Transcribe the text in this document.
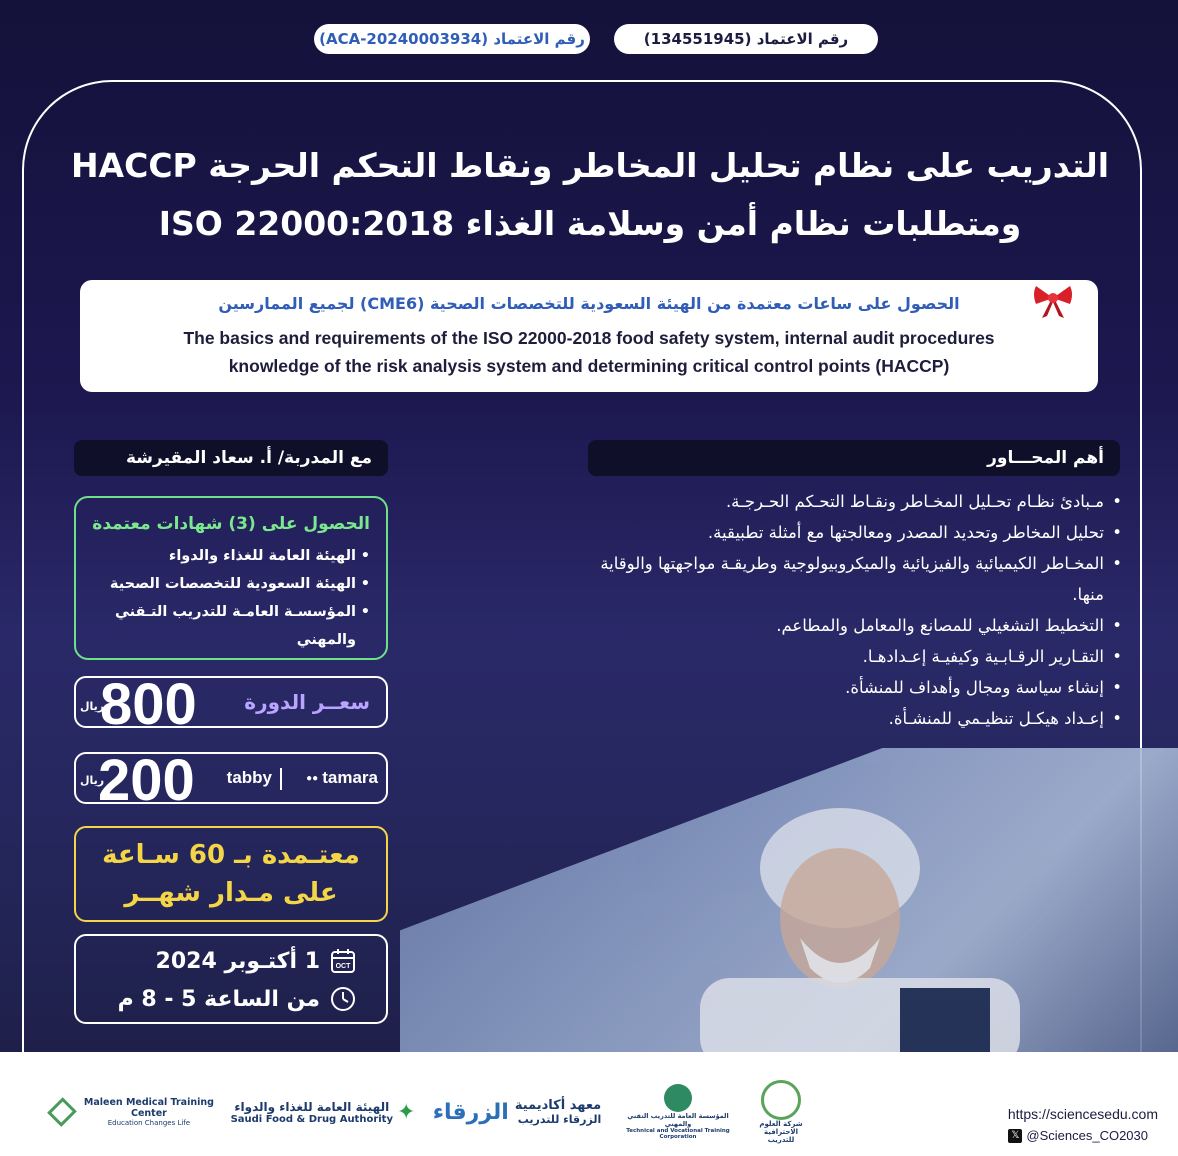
رقم الاعتماد (ACA-20240003934)	رقم الاعتماد (134551945)
التدريب على نظام تحليل المخاطر ونقاط التحكم الحرجة HACCP
ومتطلبات نظام أمن وسلامة الغذاء ISO 22000:2018
الحصول على ساعات معتمدة من الهيئة السعودية للتخصصات الصحية (CME6) لجميع الممارسين
The basics and requirements of the ISO 22000-2018 food safety system, internal audit procedures
knowledge of the risk analysis system and determining critical control points (HACCP)
أهم المحـــاور
• مـبادئ نظـام تحـليل المخـاطر ونقـاط التحـكم الحـرجـة.
• تحليل المخاطر وتحديد المصدر ومعالجتها مع أمثلة تطبيقية.
• المخـاطر الكيميائية والفيزيائية والميكروبيولوجية وطريقـة مواجهتها والوقاية منها.
• التخطيط التشغيلي للمصانع والمعامل والمطاعم.
• التقـارير الرقـابـية وكيفيـة إعـدادهـا.
• إنشاء سياسة ومجال وأهداف للمنشأة.
• إعـداد هيكـل تنظيـمي للمنشـأة.
مع المدربة/ أ. سعاد المقيرشة
الحصول على (3) شهادات معتمدة
• الهيئة العامة للغذاء والدواء
• الهيئة السعودية للتخصصات الصحية
• المؤسسـة العامـة للتدريب التـقني والمهني
سعــر الدورة
800
ريال
●● tamara
tabby
200
ريال
معتـمدة بـ 60 سـاعة
على مـدار شهــر
OCT
1 أكتـوبر 2024
من الساعة 5 - 8 م
للتواصل والاستفسار
966533815825
https://sciencesedu.com
𝕏 @Sciences_CO2030
شركة العلوم الاحترافية للتدريب
المؤسسة العامة للتدريب التقني والمهني
Technical and Vocational Training Corporation
الزرقاء معهد أكاديمية
الزرقاء للتدريب
الهيئة العامة للغذاء والدواء
Saudi Food & Drug Authority ✦
Maleen Medical Training Center
Education Changes Life
